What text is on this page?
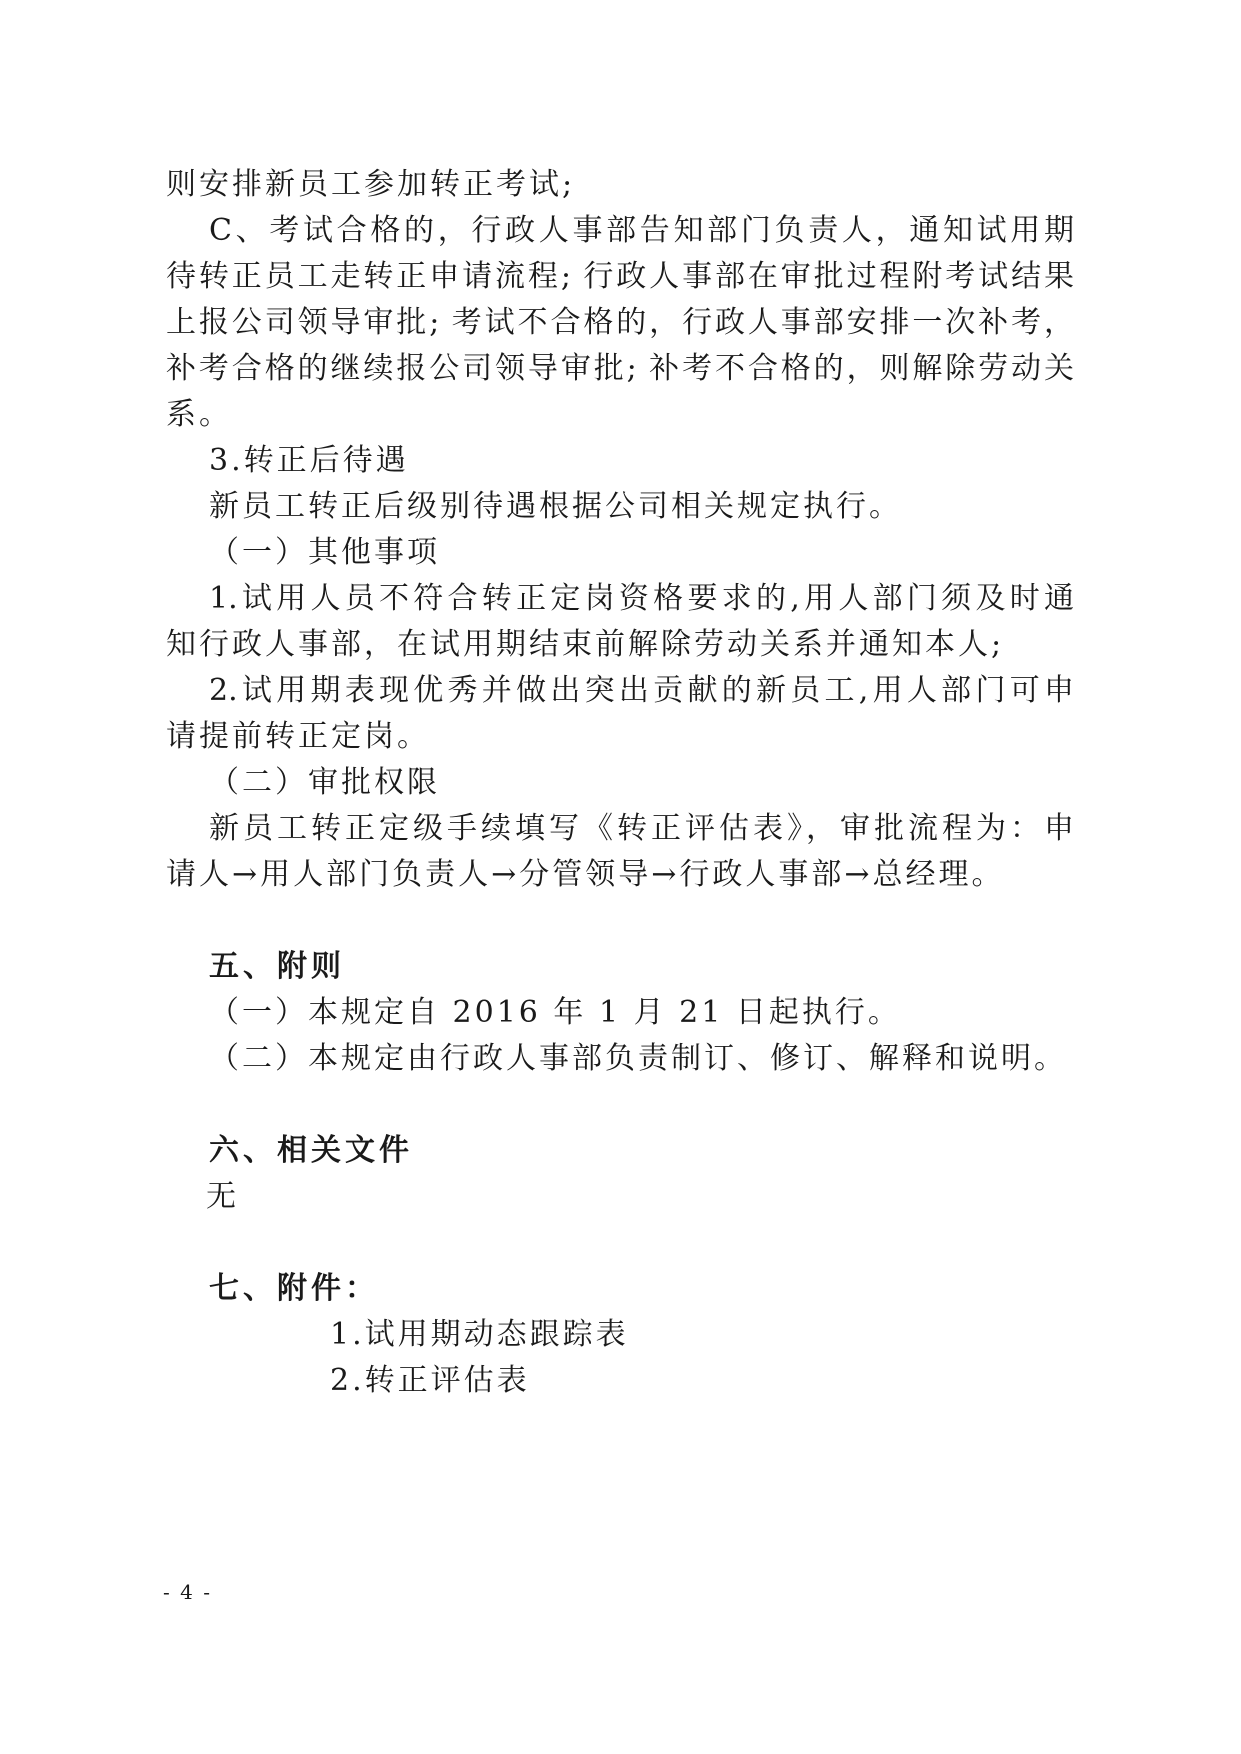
则安排新员工参加转正考试;
C、考试合格的，行政人事部告知部门负责人，通知试用期
待转正员工走转正申请流程; 行政人事部在审批过程附考试结果
上报公司领导审批; 考试不合格的，行政人事部安排一次补考，
补考合格的继续报公司领导审批; 补考不合格的，则解除劳动关
系。
3.转正后待遇
新员工转正后级别待遇根据公司相关规定执行。
（一）其他事项
1.试用人员不符合转正定岗资格要求的,用人部门须及时通
知行政人事部，在试用期结束前解除劳动关系并通知本人;
2.试用期表现优秀并做出突出贡献的新员工,用人部门可申
请提前转正定岗。
（二）审批权限
新员工转正定级手续填写《转正评估表》，审批流程为：申
请人→用人部门负责人→分管领导→行政人事部→总经理。
五、附则
（一）本规定自 2016 年 1 月 21 日起执行。
（二）本规定由行政人事部负责制订、修订、解释和说明。
六、相关文件
无
七、附件：
1.试用期动态跟踪表
2.转正评估表
- 4 -
